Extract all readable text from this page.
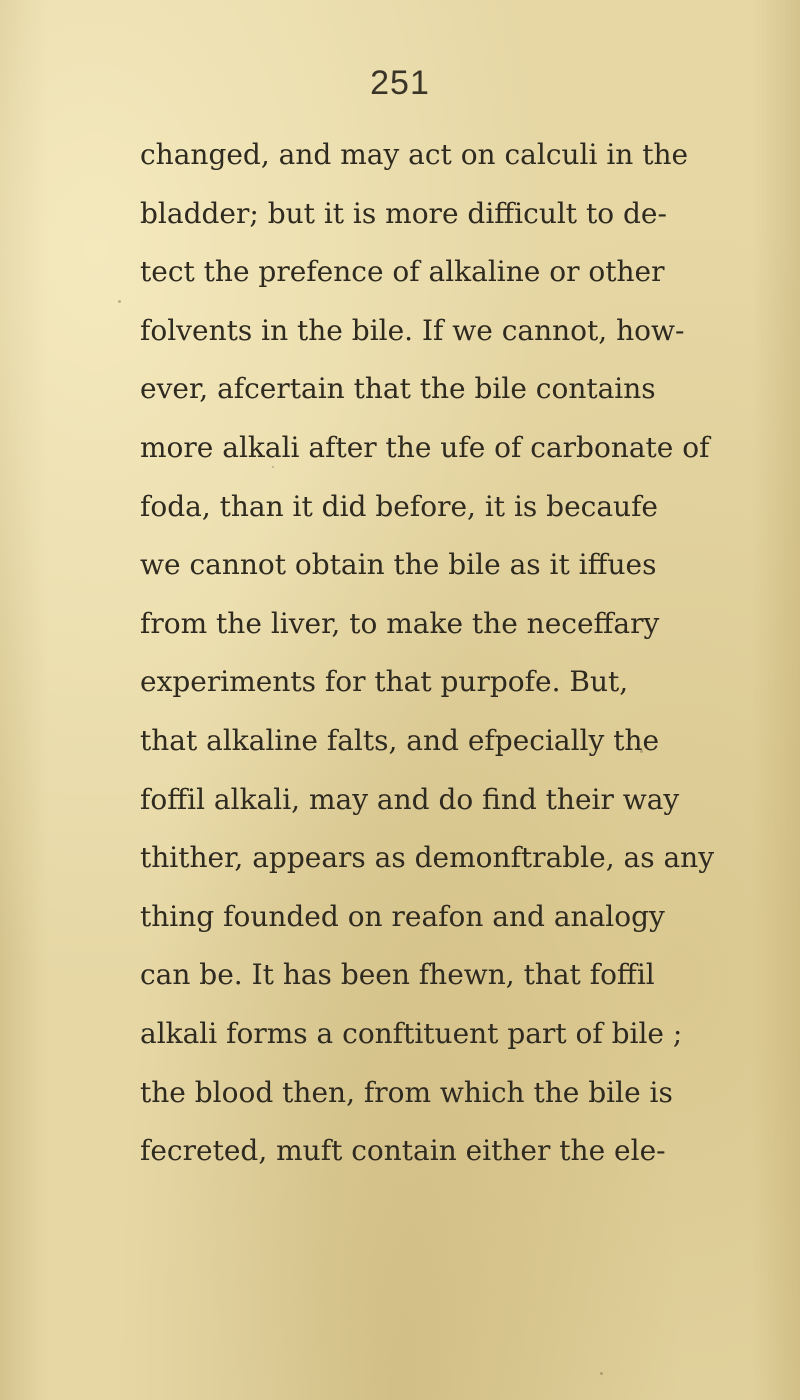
251
changed, and may act on calculi in the
bladder; but it is more difficult to de-
tect the prefence of alkaline or other
folvents in the bile. If we cannot, how-
ever, afcertain that the bile contains
more alkali after the ufe of carbonate of
foda, than it did before, it is becaufe
we cannot obtain the bile as it iffues
from the liver, to make the neceffary
experiments for that purpofe. But,
that alkaline falts, and efpecially the
foffil alkali, may and do find their way
thither, appears as demonftrable, as any
thing founded on reafon and analogy
can be. It has been fhewn, that foffil
alkali forms a conftituent part of bile ;
the blood then, from which the bile is
fecreted, muft contain either the ele-
